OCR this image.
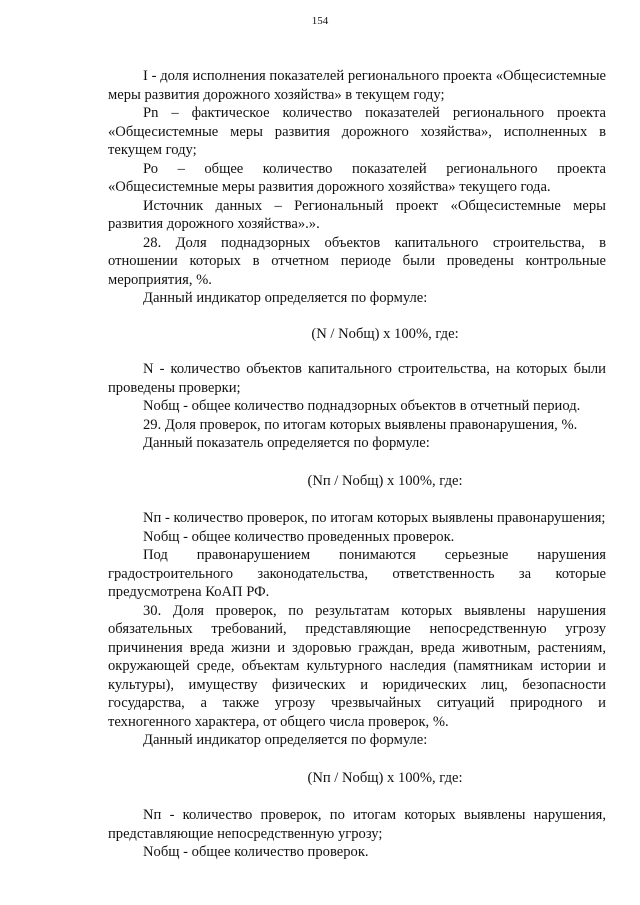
154

I - доля исполнения показателей регионального проекта «Общесистемные меры развития дорожного хозяйства» в текущем году;

Pn – фактическое количество показателей регионального проекта «Общесистемные меры развития дорожного хозяйства», исполненных в текущем году;

Ро – общее количество показателей регионального проекта «Общесистемные меры развития дорожного хозяйства» текущего года.

Источник данных – Региональный проект «Общесистемные меры развития дорожного хозяйства».».

28. Доля поднадзорных объектов капитального строительства, в отношении которых в отчетном периоде были проведены контрольные мероприятия, %.

Данный индикатор определяется по формуле:

(N / Nобщ) х 100%, где:

N - количество объектов капитального строительства, на которых были проведены проверки;

Nобщ - общее количество поднадзорных объектов в отчетный период.

29. Доля проверок, по итогам которых выявлены правонарушения, %.

Данный показатель определяется по формуле:

(Nп / Nобщ) х 100%, где:

Nп - количество проверок, по итогам которых выявлены правонарушения;

Nобщ - общее количество проведенных проверок.

Под правонарушением понимаются серьезные нарушения градостроительного законодательства, ответственность за которые предусмотрена КоАП РФ.

30. Доля проверок, по результатам которых выявлены нарушения обязательных требований, представляющие непосредственную угрозу причинения вреда жизни и здоровью граждан, вреда животным, растениям, окружающей среде, объектам культурного наследия (памятникам истории и культуры), имуществу физических и юридических лиц, безопасности государства, а также угрозу чрезвычайных ситуаций природного и техногенного характера, от общего числа проверок, %.

Данный индикатор определяется по формуле:

(Nп / Nобщ) х 100%, где:

Nп - количество проверок, по итогам которых выявлены нарушения, представляющие непосредственную угрозу;

Nобщ - общее количество проверок.
